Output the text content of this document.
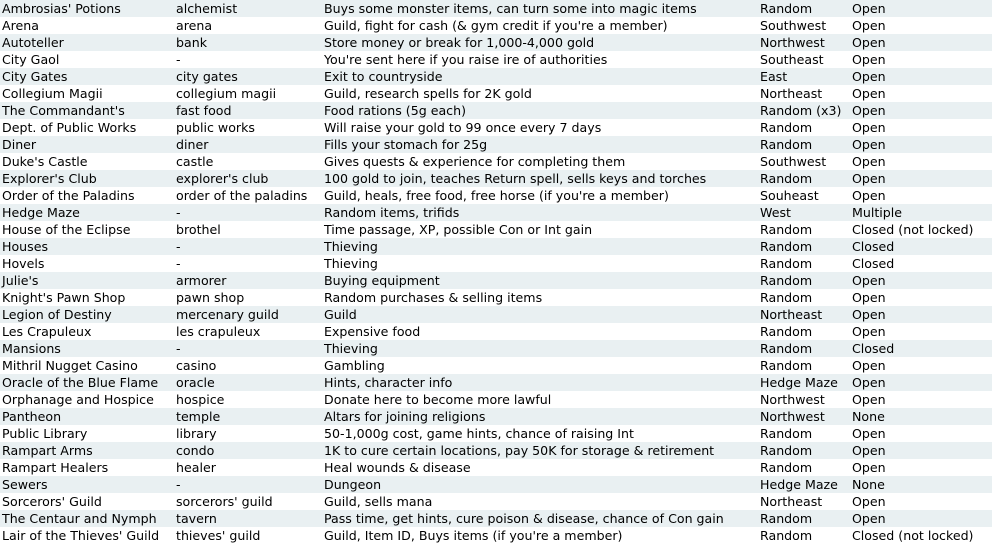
Ambrosias' Potions	alchemist	Buys some monster items, can turn some into magic items	Random	Open
Arena	arena	Guild, fight for cash (& gym credit if you're a member)	Southwest	Open
Autoteller	bank	Store money or break for 1,000-4,000 gold	Northwest	Open
City Gaol	-	You're sent here if you raise ire of authorities	Southeast	Open
City Gates	city gates	Exit to countryside	East	Open
Collegium Magii	collegium magii	Guild, research spells for 2K gold	Northeast	Open
The Commandant's	fast food	Food rations (5g each)	Random (x3)	Open
Dept. of Public Works	public works	Will raise your gold to 99 once every 7 days	Random	Open
Diner	diner	Fills your stomach for 25g	Random	Open
Duke's Castle	castle	Gives quests & experience for completing them	Southwest	Open
Explorer's Club	explorer's club	100 gold to join, teaches Return spell, sells keys and torches	Random	Open
Order of the Paladins	order of the paladins	Guild, heals, free food, free horse (if you're a member)	Souheast	Open
Hedge Maze	-	Random items, trifids	West	Multiple
House of the Eclipse	brothel	Time passage, XP, possible Con or Int gain	Random	Closed (not locked)
Houses	-	Thieving	Random	Closed
Hovels	-	Thieving	Random	Closed
Julie's	armorer	Buying equipment	Random	Open
Knight's Pawn Shop	pawn shop	Random purchases & selling items	Random	Open
Legion of Destiny	mercenary guild	Guild	Northeast	Open
Les Crapuleux	les crapuleux	Expensive food	Random	Open
Mansions	-	Thieving	Random	Closed
Mithril Nugget Casino	casino	Gambling	Random	Open
Oracle of the Blue Flame	oracle	Hints, character info	Hedge Maze	Open
Orphanage and Hospice	hospice	Donate here to become more lawful	Northwest	Open
Pantheon	temple	Altars for joining religions	Northwest	None
Public Library	library	50-1,000g cost, game hints, chance of raising Int	Random	Open
Rampart Arms	condo	1K to cure certain locations, pay 50K for storage & retirement	Random	Open
Rampart Healers	healer	Heal wounds & disease	Random	Open
Sewers	-	Dungeon	Hedge Maze	None
Sorcerors' Guild	sorcerors' guild	Guild, sells mana	Northeast	Open
The Centaur and Nymph	tavern	Pass time, get hints, cure poison & disease, chance of Con gain	Random	Open
Lair of the Thieves' Guild	thieves' guild	Guild, Item ID, Buys items (if you're a member)	Random	Closed (not locked)
